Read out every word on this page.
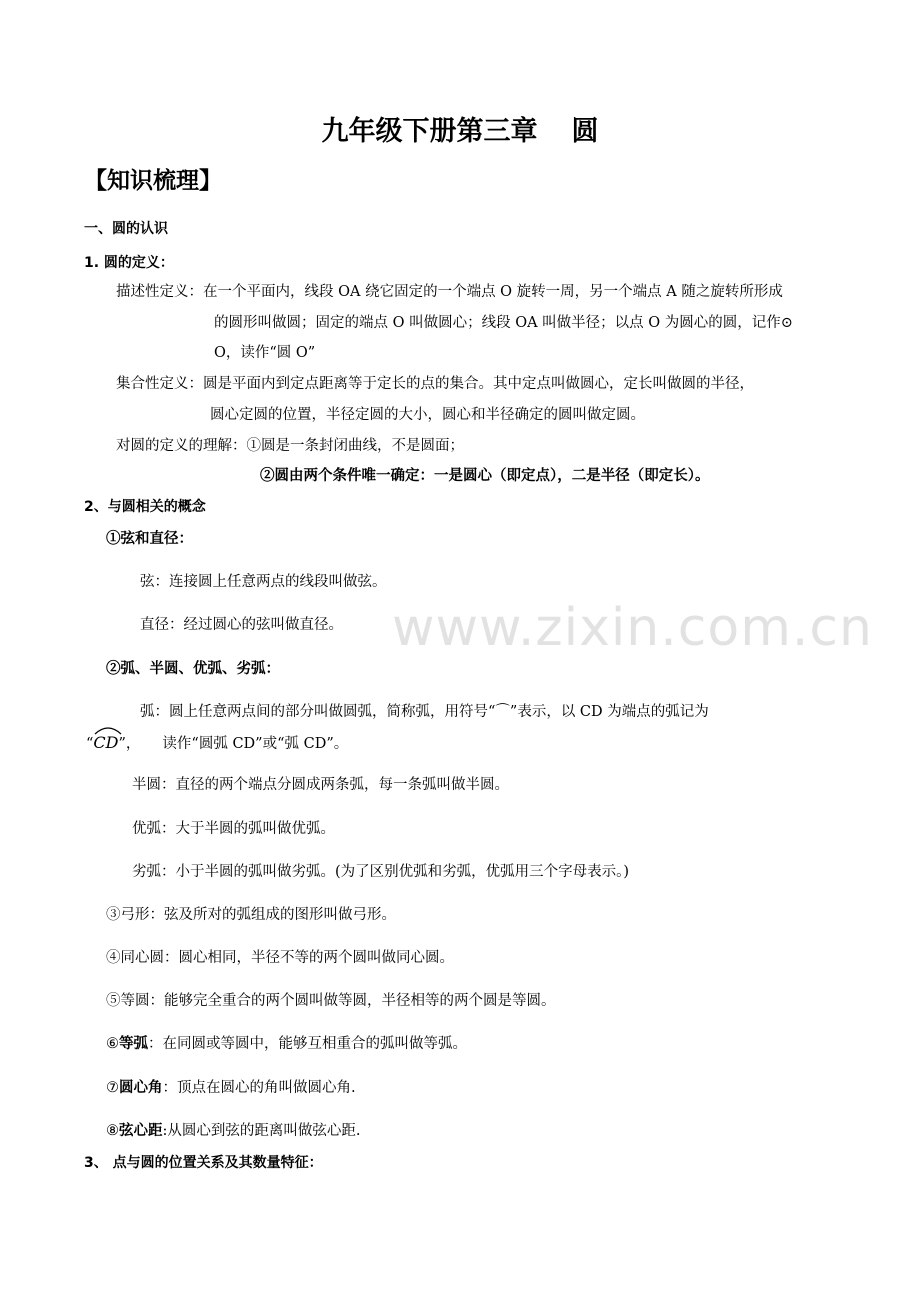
www.zixin.com.cn
九年级下册第三章 圆
【知识梳理】
一、圆的认识
1. 圆的定义：
描述性定义：在一个平面内，线段 OA 绕它固定的一个端点 O 旋转一周，另一个端点 A 随之旋转所形成
的圆形叫做圆；固定的端点 O 叫做圆心；线段 OA 叫做半径；以点 O 为圆心的圆，记作⊙
O，读作“圆 O”
集合性定义：圆是平面内到定点距离等于定长的点的集合。其中定点叫做圆心，定长叫做圆的半径，
圆心定圆的位置，半径定圆的大小，圆心和半径确定的圆叫做定圆。
对圆的定义的理解：①圆是一条封闭曲线，不是圆面；
②圆由两个条件唯一确定：一是圆心（即定点），二是半径（即定长）。
2、与圆相关的概念
①弦和直径：
弦：连接圆上任意两点的线段叫做弦。
直径：经过圆心的弦叫做直径。
②弧、半圆、优弧、劣弧：
弧：圆上任意两点间的部分叫做圆弧，简称弧，用符号“⌒”表示，以 CD 为端点的弧记为
“
CD”， 读作“圆弧 CD”或“弧 CD”。
半圆：直径的两个端点分圆成两条弧，每一条弧叫做半圆。
优弧：大于半圆的弧叫做优弧。
劣弧：小于半圆的弧叫做劣弧。(为了区别优弧和劣弧，优弧用三个字母表示。)
③弓形：弦及所对的弧组成的图形叫做弓形。
④同心圆：圆心相同，半径不等的两个圆叫做同心圆。
⑤等圆：能够完全重合的两个圆叫做等圆，半径相等的两个圆是等圆。
⑥等弧：在同圆或等圆中，能够互相重合的弧叫做等弧。
⑦圆心角：顶点在圆心的角叫做圆心角.
⑧弦心距:从圆心到弦的距离叫做弦心距.
3、 点与圆的位置关系及其数量特征：
